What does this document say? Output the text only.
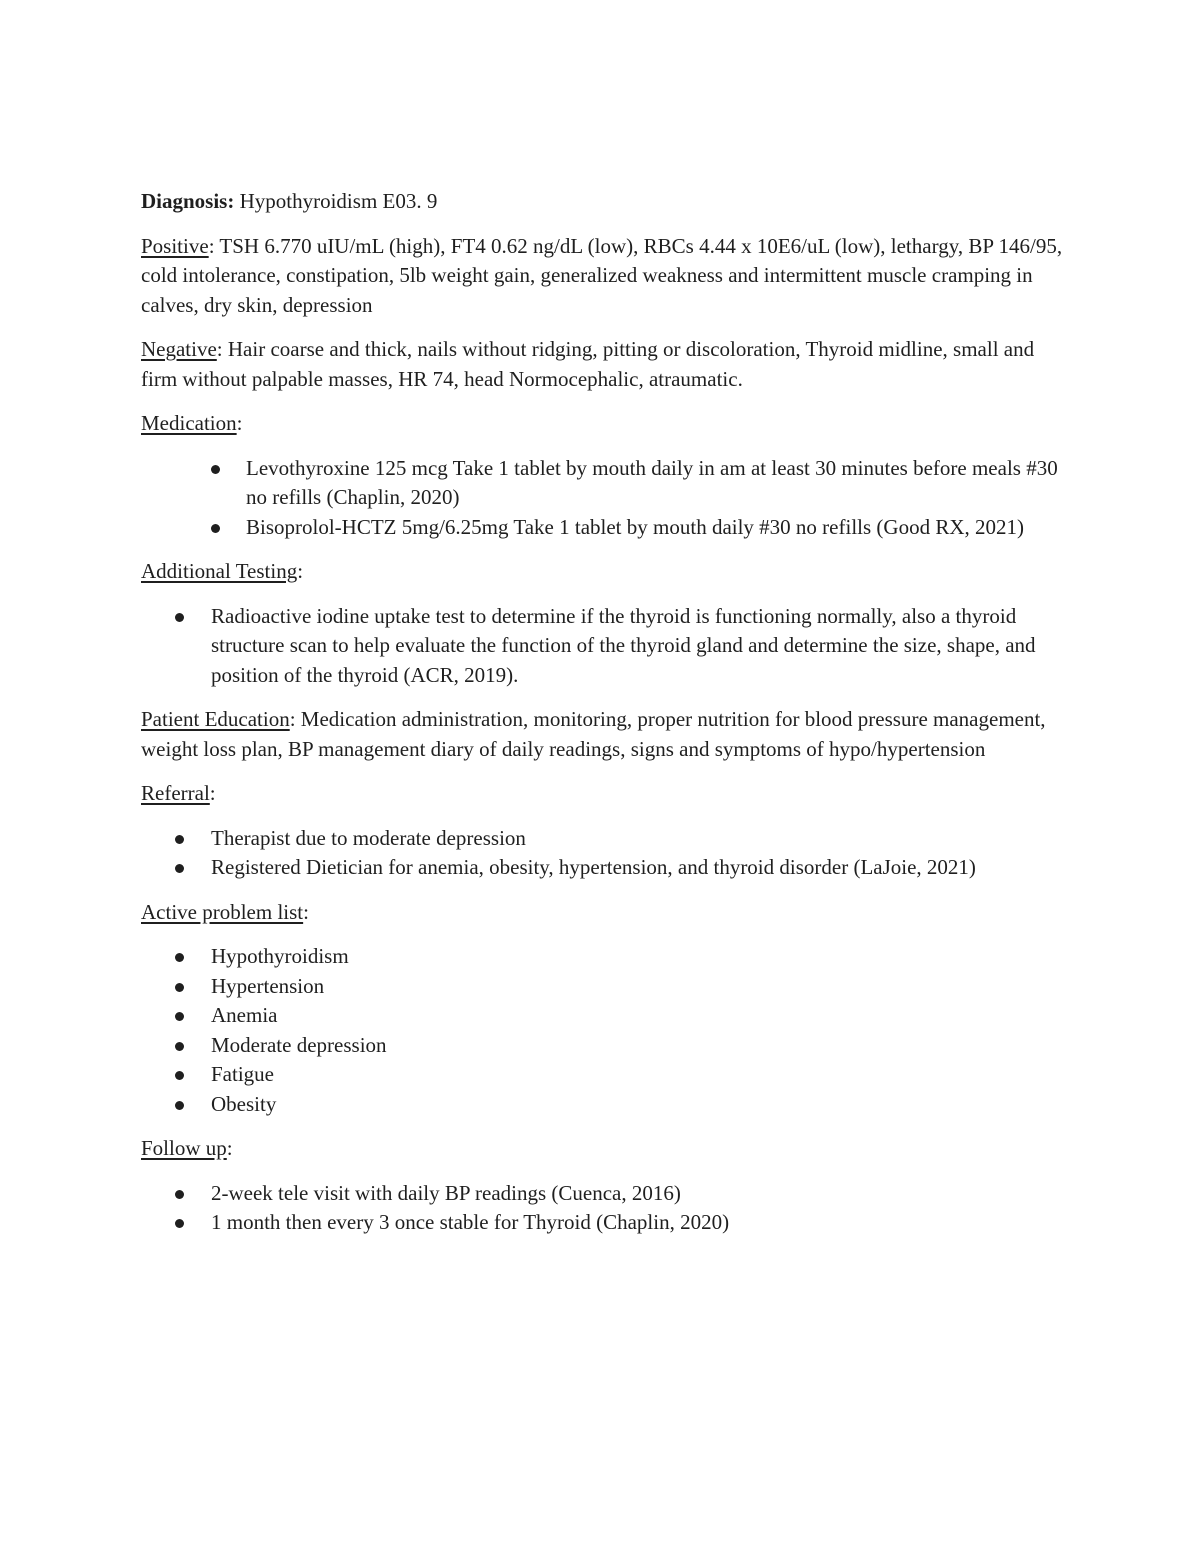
Diagnosis: Hypothyroidism E03. 9

Positive: TSH 6.770 uIU/mL (high), FT4 0.62 ng/dL (low), RBCs 4.44 x 10E6/uL (low), lethargy, BP 146/95, cold intolerance, constipation, 5lb weight gain, generalized weakness and intermittent muscle cramping in calves, dry skin, depression

Negative: Hair coarse and thick, nails without ridging, pitting or discoloration, Thyroid midline, small and firm without palpable masses, HR 74, head Normocephalic, atraumatic.

Medication:

Levothyroxine 125 mcg Take 1 tablet by mouth daily in am at least 30 minutes before meals #30 no refills (Chaplin, 2020)
Bisoprolol-HCTZ 5mg/6.25mg Take 1 tablet by mouth daily #30 no refills (Good RX, 2021)

Additional Testing:

Radioactive iodine uptake test to determine if the thyroid is functioning normally, also a thyroid structure scan to help evaluate the function of the thyroid gland and determine the size, shape, and position of the thyroid (ACR, 2019).

Patient Education: Medication administration, monitoring, proper nutrition for blood pressure management, weight loss plan, BP management diary of daily readings, signs and symptoms of hypo/hypertension

Referral:

Therapist due to moderate depression
Registered Dietician for anemia, obesity, hypertension, and thyroid disorder (LaJoie, 2021)

Active problem list:

Hypothyroidism
Hypertension
Anemia
Moderate depression
Fatigue
Obesity

Follow up:

2-week tele visit with daily BP readings (Cuenca, 2016)
1 month then every 3 once stable for Thyroid (Chaplin, 2020)
